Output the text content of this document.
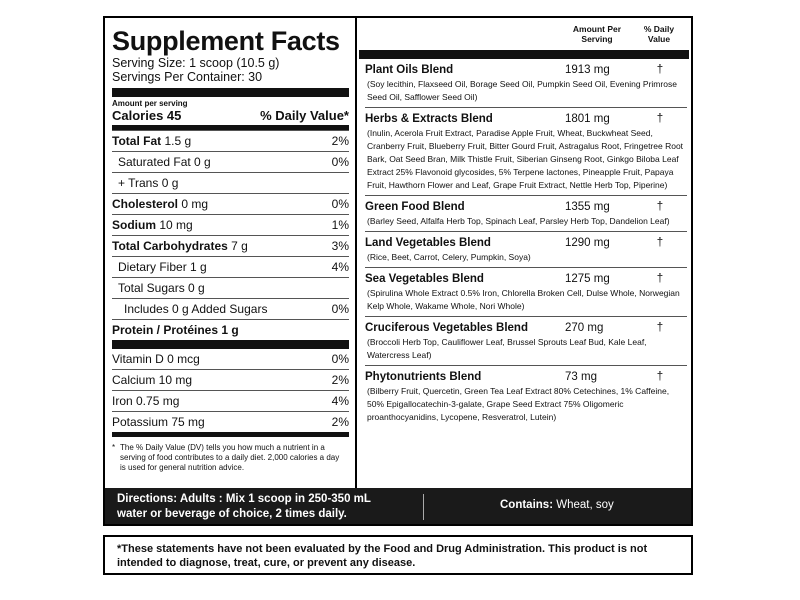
Supplement Facts
Serving Size: 1 scoop (10.5 g)
Servings Per Container: 30
Amount per serving
Calories 45	% Daily Value*
Total Fat 1.5 g	2%
Saturated Fat 0 g	0%
+ Trans 0 g
Cholesterol 0 mg	0%
Sodium 10 mg	1%
Total Carbohydrates 7 g	3%
Dietary Fiber 1 g	4%
Total Sugars 0 g
Includes 0 g Added Sugars	0%
Protein / Protéines 1 g
Vitamin D 0 mcg	0%
Calcium 10 mg	2%
Iron 0.75 mg	4%
Potassium 75 mg	2%
* The % Daily Value (DV) tells you how much a nutrient in a serving of food contributes to a daily diet. 2,000 calories a day is used for general nutrition advice.
Amount Per Serving
% Daily Value
Plant Oils Blend	1913 mg	†
(Soy lecithin, Flaxseed Oil, Borage Seed Oil, Pumpkin Seed Oil, Evening Primrose Seed Oil, Safflower Seed Oil)
Herbs & Extracts Blend	1801 mg	†
(Inulin, Acerola Fruit Extract, Paradise Apple Fruit, Wheat, Buckwheat Seed, Cranberry Fruit, Blueberry Fruit, Bitter Gourd Fruit, Astragalus Root, Fringetree Root Bark, Oat Seed Bran, Milk Thistle Fruit, Siberian Ginseng Root, Ginkgo Biloba Leaf Extract 25% Flavonoid glycosides, 5% Terpene lactones, Pineapple Fruit, Papaya Fruit, Hawthorn Flower and Leaf, Grape Fruit Extract, Nettle Herb Top, Piperine)
Green Food Blend	1355 mg	†
(Barley Seed, Alfalfa Herb Top, Spinach Leaf, Parsley Herb Top, Dandelion Leaf)
Land Vegetables Blend	1290 mg	†
(Rice, Beet, Carrot, Celery, Pumpkin, Soya)
Sea Vegetables Blend	1275 mg	†
(Spirulina Whole Extract 0.5% Iron, Chlorella Broken Cell, Dulse Whole, Norwegian Kelp Whole, Wakame Whole, Nori Whole)
Cruciferous Vegetables Blend	270 mg	†
(Broccoli Herb Top, Cauliflower Leaf, Brussel Sprouts Leaf Bud, Kale Leaf, Watercress Leaf)
Phytonutrients Blend	73 mg	†
(Bilberry Fruit, Quercetin, Green Tea Leaf Extract 80% Cetechines, 1% Caffeine, 50% Epigallocatechin-3-galate, Grape Seed Extract 75% Oligomeric proanthocyanidins, Lycopene, Resveratrol, Lutein)
Directions: Adults : Mix 1 scoop in 250-350 mL
water or beverage of choice, 2 times daily.
Contains: Wheat, soy
*These statements have not been evaluated by the Food and Drug Administration. This product is not intended to diagnose, treat, cure, or prevent any disease.
